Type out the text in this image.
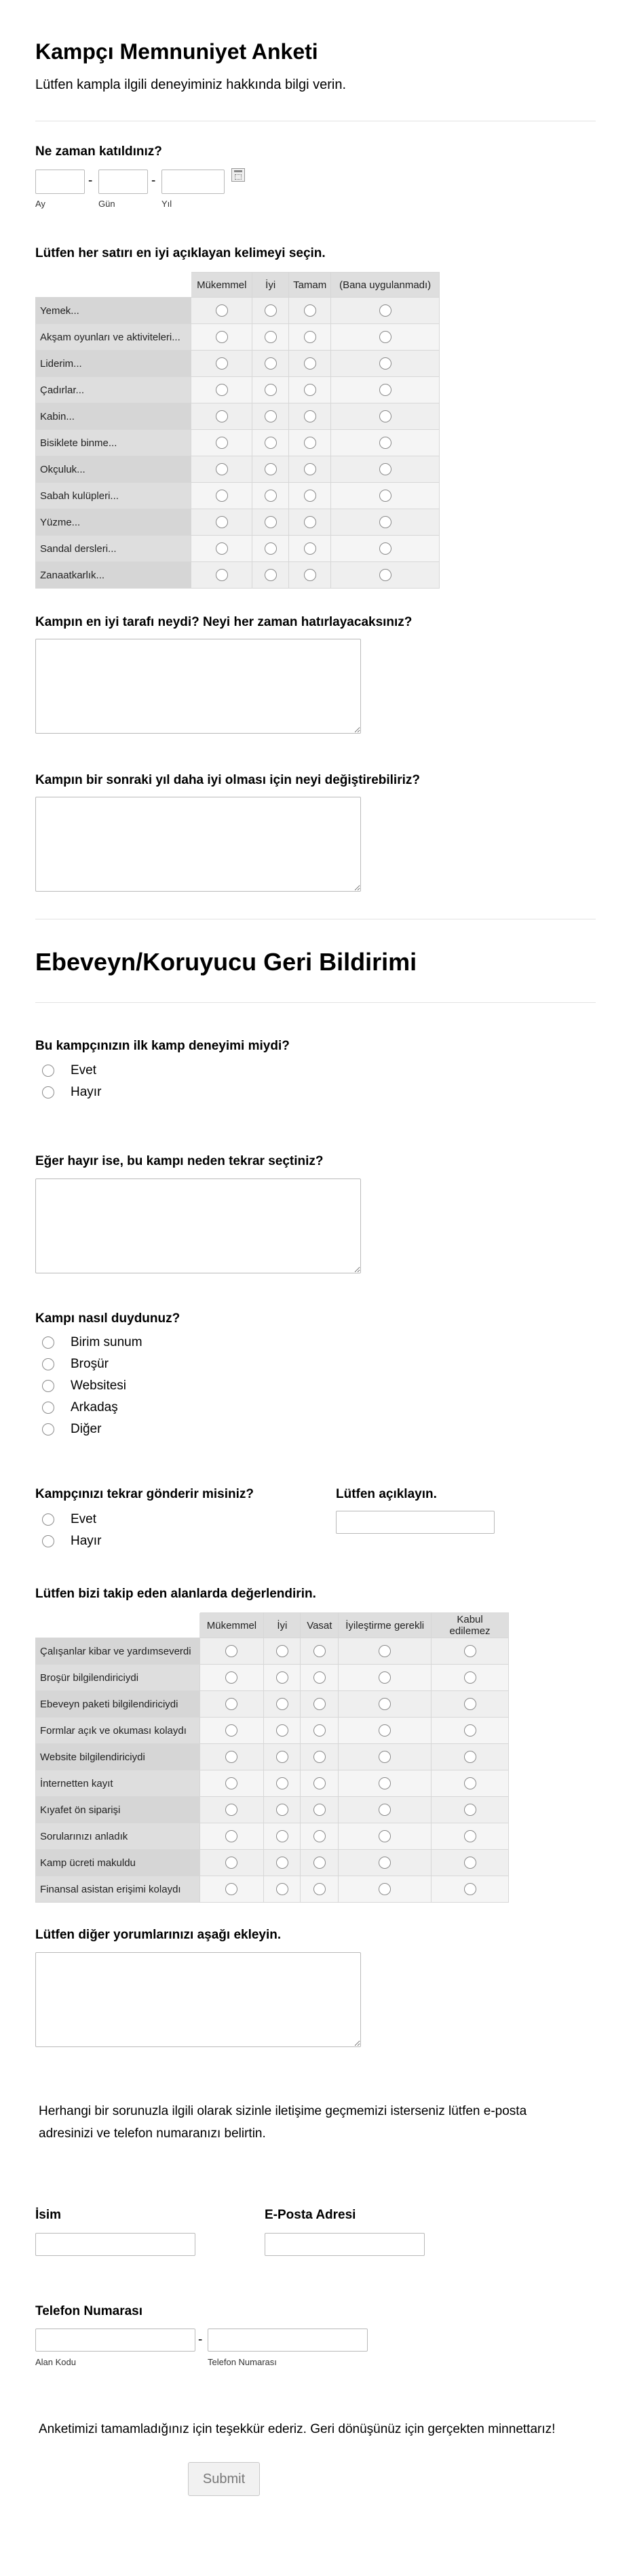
Kampçı Memnuniyet Anketi
Lütfen kampla ilgili deneyiminiz hakkında bilgi verin.
Ne zaman katıldınız?
-	-
Ay	Gün	Yıl
Lütfen her satırı en iyi açıklayan kelimeyi seçin.
	Mükemmel	İyi	Tamam	(Bana uygulanmadı)
Yemek...				
Akşam oyunları ve aktiviteleri...				
Liderim...				
Çadırlar...				
Kabin...				
Bisiklete binme...				
Okçuluk...				
Sabah kulüpleri...				
Yüzme...				
Sandal dersleri...				
Zanaatkarlık...				
Kampın en iyi tarafı neydi? Neyi her zaman hatırlayacaksınız?
Kampın bir sonraki yıl daha iyi olması için neyi değiştirebiliriz?
Ebeveyn/Koruyucu Geri Bildirimi
Bu kampçınızın ilk kamp deneyimi miydi?
Evet
Hayır
Eğer hayır ise, bu kampı neden tekrar seçtiniz?
Kampı nasıl duydunuz?
Birim sunum
Broşür
Websitesi
Arkadaş
Diğer
Kampçınızı tekrar gönderir misiniz?
Evet
Hayır
Lütfen açıklayın.
Lütfen bizi takip eden alanlarda değerlendirin.
	Mükemmel	İyi	Vasat	İyileştirme gerekli	Kabul edilemez
Çalışanlar kibar ve yardımseverdi					
Broşür bilgilendiriciydi					
Ebeveyn paketi bilgilendiriciydi					
Formlar açık ve okuması kolaydı					
Website bilgilendiriciydi					
İnternetten kayıt					
Kıyafet ön siparişi					
Sorularınızı anladık					
Kamp ücreti makuldu					
Finansal asistan erişimi kolaydı					
Lütfen diğer yorumlarınızı aşağı ekleyin.
Herhangi bir sorunuzla ilgili olarak sizinle iletişime geçmemizi isterseniz lütfen e-posta adresinizi ve telefon numaranızı belirtin.
İsim	E-Posta Adresi
Telefon Numarası
-
Alan Kodu	Telefon Numarası
Anketimizi tamamladığınız için teşekkür ederiz. Geri dönüşünüz için gerçekten minnettarız!
Submit
